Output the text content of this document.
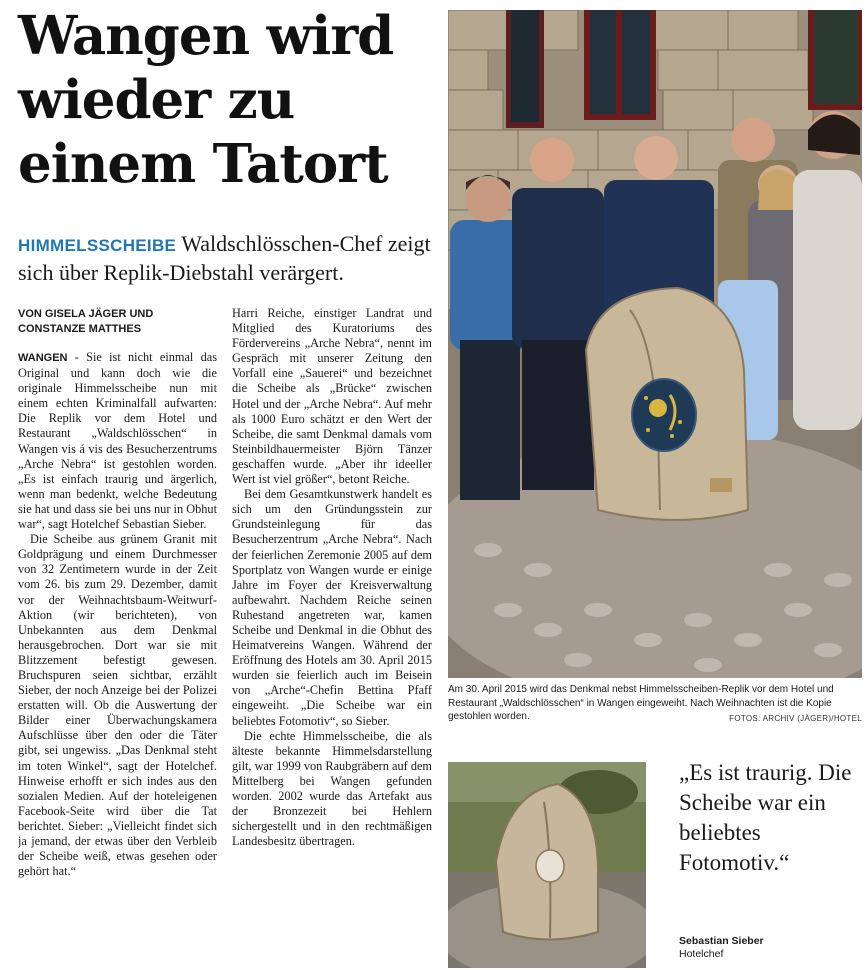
Wangen wird
wieder zu
einem Tatort
HIMMELSSCHEIBE Waldschlösschen-Chef zeigt sich über Replik-Diebstahl verärgert.
VON GISELA JÄGER UND
CONSTANZE MATTHES

WANGEN - Sie ist nicht einmal das Original und kann doch wie die originale Himmelsscheibe nun mit einem echten Kriminalfall aufwarten: Die Replik vor dem Hotel und Restaurant „Waldschlösschen“ in Wangen vis á vis des Besucherzentrums „Arche Nebra“ ist gestohlen worden. „Es ist einfach traurig und ärgerlich, wenn man bedenkt, welche Bedeutung sie hat und dass sie bei uns nur in Obhut war“, sagt Hotelchef Sebastian Sieber.

Die Scheibe aus grünem Granit mit Goldprägung und einem Durchmesser von 32 Zentimetern wurde in der Zeit vom 26. bis zum 29. Dezember, damit vor der Weihnachtsbaum-Weitwurf-Aktion (wir berichteten), von Unbekannten aus dem Denkmal herausgebrochen. Dort war sie mit Blitzzement befestigt gewesen. Bruchspuren seien sichtbar, erzählt Sieber, der noch Anzeige bei der Polizei erstatten will. Ob die Auswertung der Bilder einer Überwachungskamera Aufschlüsse über den oder die Täter gibt, sei ungewiss. „Das Denkmal steht im toten Winkel“, sagt der Hotelchef. Hinweise erhofft er sich indes aus den sozialen Medien. Auf der hoteleigenen Facebook-Seite wird über die Tat berichtet. Sieber: „Vielleicht findet sich ja jemand, der etwas über den Verbleib der Scheibe weiß, etwas gesehen oder gehört hat.“

Harri Reiche, einstiger Landrat und Mitglied des Kuratoriums des Fördervereins „Arche Nebra“, nennt im Gespräch mit unserer Zeitung den Vorfall eine „Sauerei“ und bezeichnet die Scheibe als „Brücke“ zwischen Hotel und der „Arche Nebra“. Auf mehr als 1000 Euro schätzt er den Wert der Scheibe, die samt Denkmal damals vom Steinbildhauermeister Björn Tänzer geschaffen wurde. „Aber ihr ideeller Wert ist viel größer“, betont Reiche.

Bei dem Gesamtkunstwerk handelt es sich um den Gründungsstein zur Grundsteinlegung für das Besucherzentrum „Arche Nebra“. Nach der feierlichen Zeremonie 2005 auf dem Sportplatz von Wangen wurde er einige Jahre im Foyer der Kreisverwaltung aufbewahrt. Nachdem Reiche seinen Ruhestand angetreten war, kamen Scheibe und Denkmal in die Obhut des Heimatvereins Wangen. Während der Eröffnung des Hotels am 30. April 2015 wurden sie feierlich auch im Beisein von „Arche“-Chefin Bettina Pfaff eingeweiht. „Die Scheibe war ein beliebtes Fotomotiv“, so Sieber.

Die echte Himmelsscheibe, die als älteste bekannte Himmelsdarstellung gilt, war 1999 von Raubgräbern auf dem Mittelberg bei Wangen gefunden worden. 2002 wurde das Artefakt aus der Bronzezeit bei Hehlern sichergestellt und in den rechtmäßigen Landesbesitz übertragen.

Am 30. April 2015 wird das Denkmal nebst Himmelsscheiben-Replik vor dem Hotel und Restaurant „Waldschlösschen“ in Wangen eingeweiht. Nach Weihnachten ist die Kopie gestohlen worden.	FOTOS: ARCHIV (JÄGER)/HOTEL
„Es ist traurig. Die Scheibe war ein beliebtes Fotomotiv.“
Sebastian Sieber
Hotelchef
